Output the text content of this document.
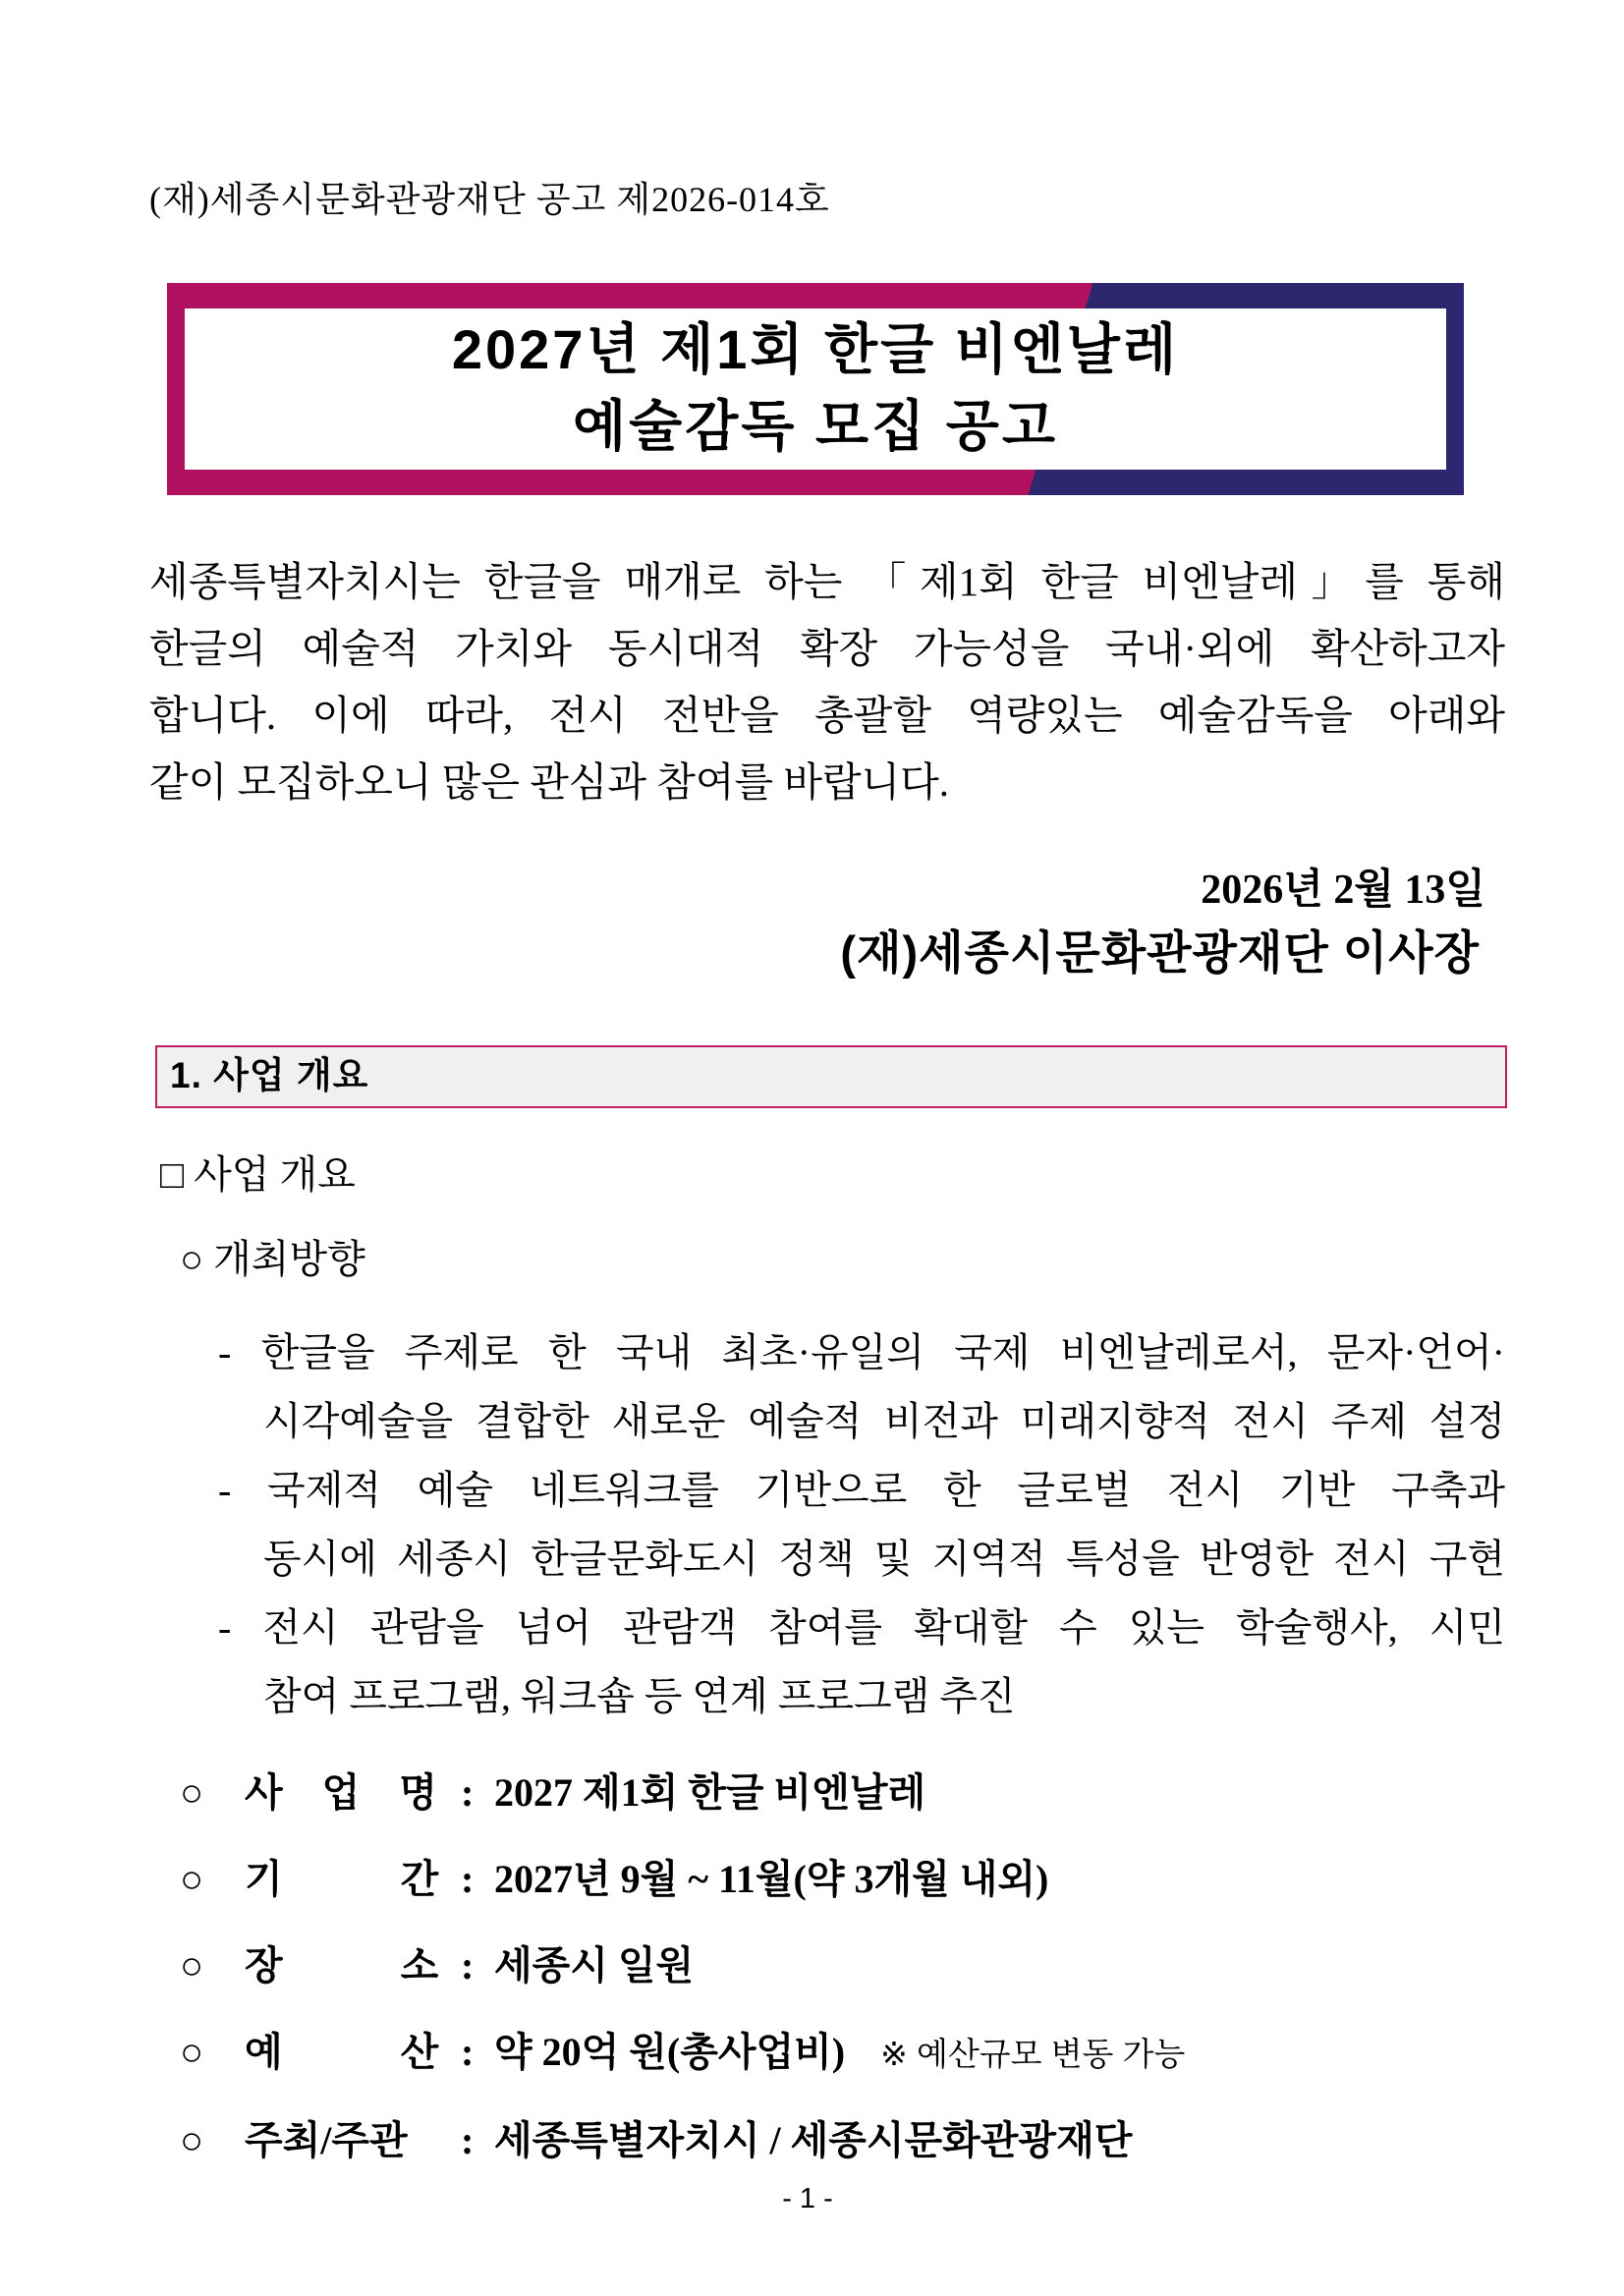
(재)세종시문화관광재단 공고 제2026-014호
2027년 제1회 한글 비엔날레
예술감독 모집 공고
세종특별자치시는 한글을 매개로 하는 「제1회 한글 비엔날레」를 통해
한글의 예술적 가치와 동시대적 확장 가능성을 국내·외에 확산하고자
합니다. 이에 따라, 전시 전반을 총괄할 역량있는 예술감독을 아래와
같이 모집하오니 많은 관심과 참여를 바랍니다.
2026년 2월 13일
(재)세종시문화관광재단 이사장
1. 사업 개요
□ 사업 개요
○ 개최방향
- 한글을 주제로 한 국내 최초·유일의 국제 비엔날레로서, 문자·언어·
시각예술을 결합한 새로운 예술적 비전과 미래지향적 전시 주제 설정
- 국제적 예술 네트워크를 기반으로 한 글로벌 전시 기반 구축과
동시에 세종시 한글문화도시 정책 및 지역적 특성을 반영한 전시 구현
- 전시 관람을 넘어 관람객 참여를 확대할 수 있는 학술행사, 시민
참여 프로그램, 워크숍 등 연계 프로그램 추진
○ 사　업　명 : 2027 제1회 한글 비엔날레
○ 기　　　간 : 2027년 9월 ~ 11월(약 3개월 내외)
○ 장　　　소 : 세종시 일원
○ 예　　　산 : 약 20억 원(총사업비) ※ 예산규모 변동 가능
○ 주최/주관 : 세종특별자치시 / 세종시문화관광재단
- 1 -
